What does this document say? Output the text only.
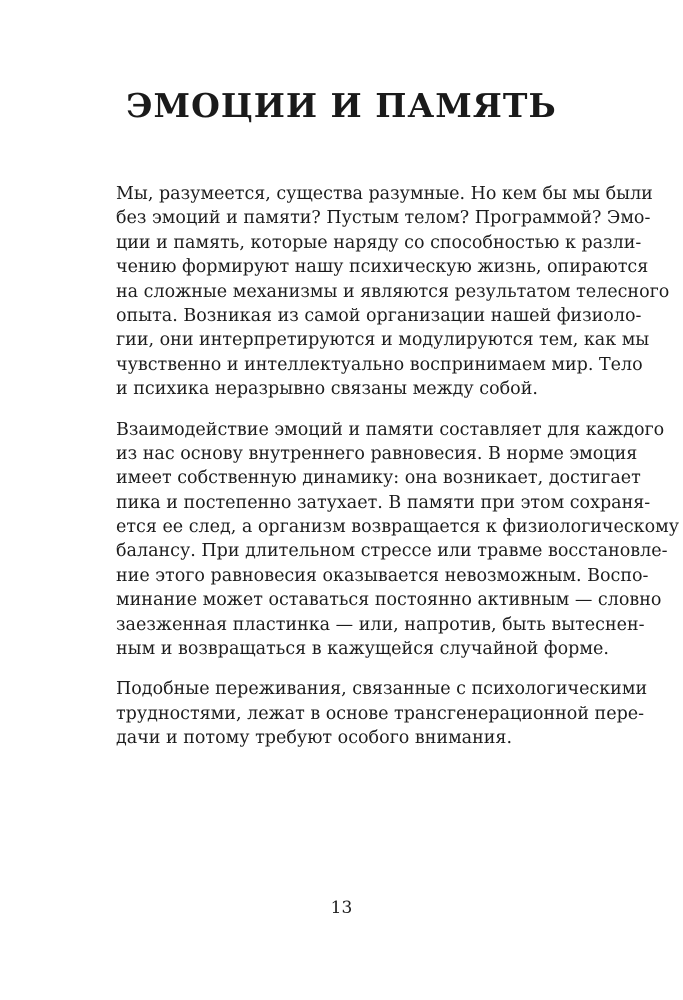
ЭМОЦИИ И ПАМЯТЬ
Мы, разумеется, существа разумные. Но кем бы мы были
без эмоций и памяти? Пустым телом? Программой? Эмо-
ции и память, которые наряду со способностью к разли-
чению формируют нашу психическую жизнь, опираются
на сложные механизмы и являются результатом телесного
опыта. Возникая из самой организации нашей физиоло-
гии, они интерпретируются и модулируются тем, как мы
чувственно и интеллектуально воспринимаем мир. Тело
и психика неразрывно связаны между собой.
Взаимодействие эмоций и памяти составляет для каждого
из нас основу внутреннего равновесия. В норме эмоция
имеет собственную динамику: она возникает, достигает
пика и постепенно затухает. В памяти при этом сохраня-
ется ее след, а организм возвращается к физиологическому
балансу. При длительном стрессе или травме восстановле-
ние этого равновесия оказывается невозможным. Воспо-
минание может оставаться постоянно активным — словно
заезженная пластинка — или, напротив, быть вытеснен-
ным и возвращаться в кажущейся случайной форме.
Подобные переживания, связанные с психологическими
трудностями, лежат в основе трансгенерационной пере-
дачи и потому требуют особого внимания.
13
